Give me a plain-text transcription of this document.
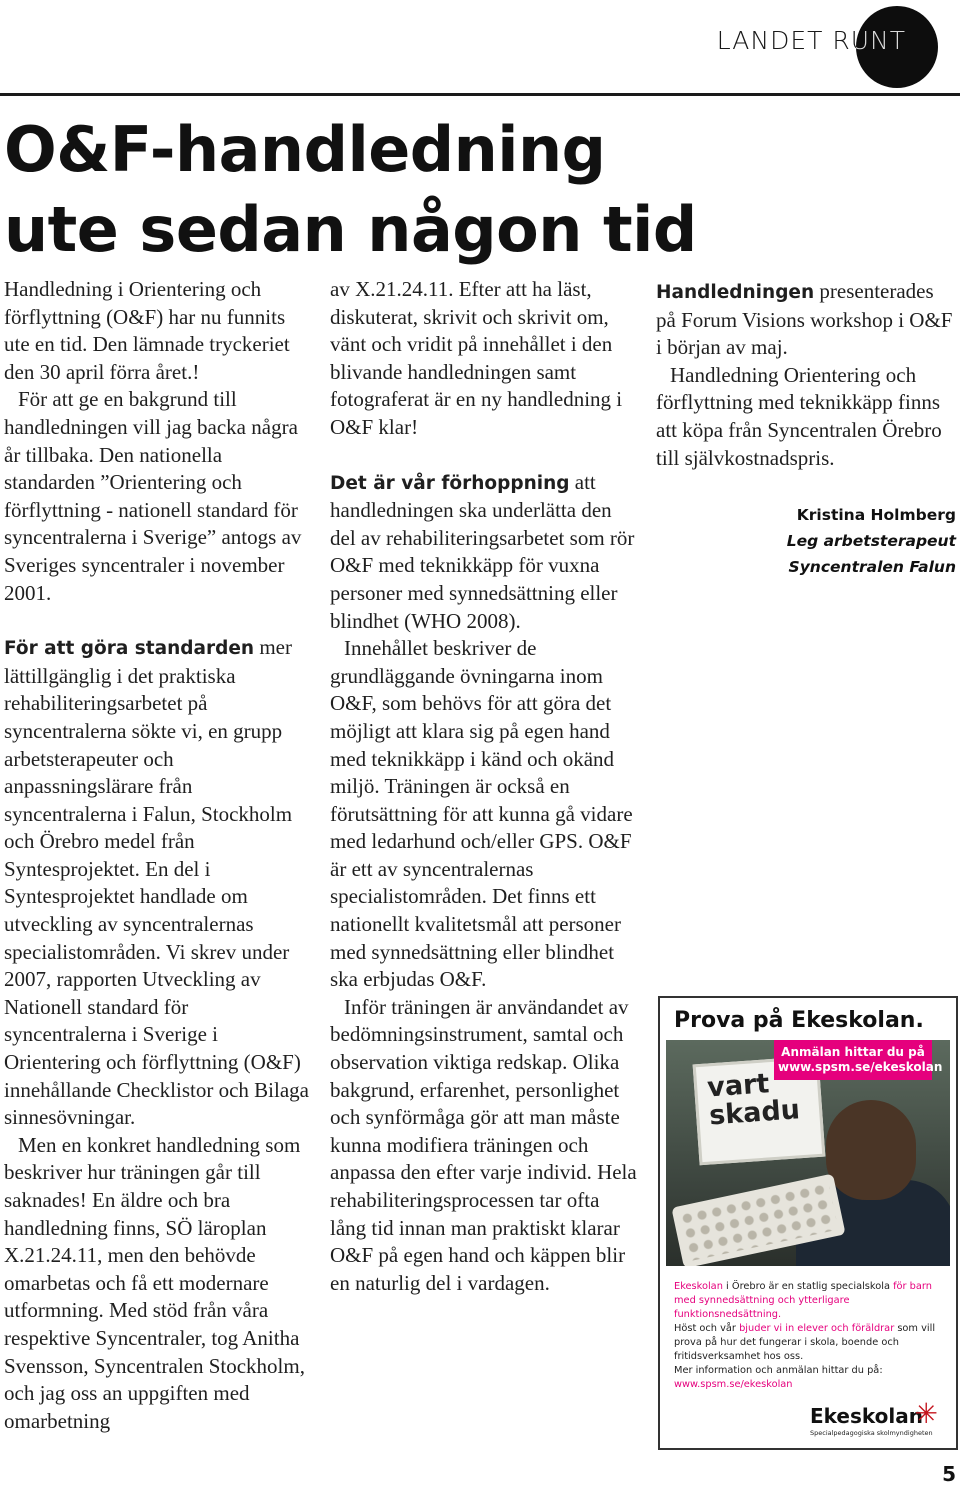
LANDET RUNT
O&F-handledning
ute sedan någon tid

Handledning i Orientering och förflyttning (O&F) har nu funnits ute en tid. Den lämnade tryckeriet den 30 april förra året.!

För att ge en bakgrund till handledningen vill jag backa några år tillbaka. Den nationella standarden ”Orientering och förflyttning - nationell standard för syncentralerna i Sverige” antogs av Sveriges syncentraler i november 2001.

För att göra standarden mer lättillgänglig i det praktiska rehabiliteringsarbetet på syncentralerna sökte vi, en grupp arbetsterapeuter och anpassningslärare från syncentralerna i Falun, Stockholm och Örebro medel från Syntesprojektet. En del i Syntesprojektet handlade om utveckling av syncentralernas specialistområden. Vi skrev under 2007, rapporten Utveckling av Nationell standard för syncentralerna i Sverige i Orientering och förflyttning (O&F) innehållande Checklistor och Bilaga sinnesövningar.

Men en konkret handledning som beskriver hur träningen går till saknades! En äldre och bra handledning finns, SÖ läroplan X.21.24.11, men den behövde omarbetas och få ett modernare utformning. Med stöd från våra respektive Syncentraler, tog Anitha Svensson, Syncentralen Stockholm, och jag oss an uppgiften med omarbetning

av X.21.24.11. Efter att ha läst, diskuterat, skrivit och skrivit om, vänt och vridit på innehållet i den blivande handledningen samt fotograferat är en ny handledning i O&F klar!

Det är vår förhoppning att handledningen ska underlätta den del av rehabiliteringsarbetet som rör O&F med teknikkäpp för vuxna personer med synnedsättning eller blindhet (WHO 2008).

Innehållet beskriver de grundläggande övningarna inom O&F, som behövs för att göra det möjligt att klara sig på egen hand med teknikkäpp i känd och okänd miljö. Träningen är också en förutsättning för att kunna gå vidare med ledarhund och/eller GPS. O&F är ett av syncentralernas specialistområden. Det finns ett nationellt kvalitetsmål att personer med synnedsättning eller blindhet ska erbjudas O&F.

Inför träningen är användandet av bedömningsinstrument, samtal och observation viktiga redskap. Olika bakgrund, erfarenhet, personlighet och synförmåga gör att man måste kunna modifiera träningen och anpassa den efter varje individ. Hela rehabiliteringsprocessen tar ofta lång tid innan man praktiskt klarar O&F på egen hand och käppen blir en naturlig del i vardagen.

Handledningen presenterades på Forum Visions workshop i O&F i början av maj.

Handledning Orientering och förflyttning med teknikkäpp finns att köpa från Syncentralen Örebro till självkostnadspris.

Kristina Holmberg
Leg arbetsterapeut
Syncentralen Falun
Prova på Ekeskolan.
vart skadu
Anmälan hittar du på www.spsm.se/ekeskolan

Ekeskolan i Örebro är en statlig specialskola för barn med synnedsättning och ytterligare funktionsnedsättning.

Höst och vår bjuder vi in elever och föräldrar som vill prova på hur det fungerar i skola, boende och fritidsverksamhet hos oss.

Mer information och anmälan hittar du på:

www.spsm.se/ekeskolan

Ekeskolan
✳
Specialpedagogiska skolmyndigheten
5
